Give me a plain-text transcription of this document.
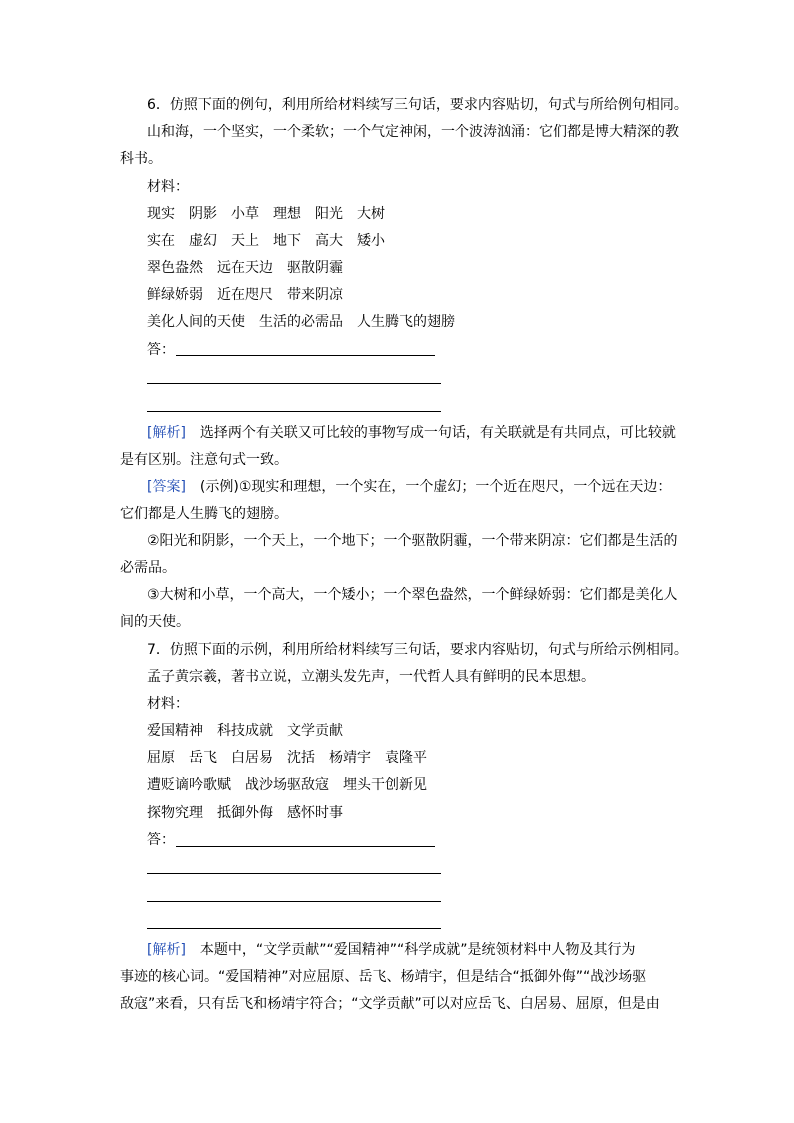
6．仿照下面的例句，利用所给材料续写三句话，要求内容贴切，句式与所给例句相同。
山和海，一个坚实，一个柔软；一个气定神闲，一个波涛汹涌：它们都是博大精深的教
科书。
材料：
现实　阴影　小草　理想　阳光　大树
实在　虚幻　天上　地下　高大　矮小
翠色盎然　远在天边　驱散阴霾
鲜绿娇弱　近在咫尺　带来阴凉
美化人间的天使　生活的必需品　人生腾飞的翅膀
答：
[解析]　选择两个有关联又可比较的事物写成一句话，有关联就是有共同点，可比较就
是有区别。注意句式一致。
[答案]　(示例)①现实和理想，一个实在，一个虚幻；一个近在咫尺，一个远在天边：
它们都是人生腾飞的翅膀。
②阳光和阴影，一个天上，一个地下；一个驱散阴霾，一个带来阴凉：它们都是生活的
必需品。
③大树和小草，一个高大，一个矮小；一个翠色盎然，一个鲜绿娇弱：它们都是美化人
间的天使。
7．仿照下面的示例，利用所给材料续写三句话，要求内容贴切，句式与所给示例相同。
孟子黄宗羲，著书立说，立潮头发先声，一代哲人具有鲜明的民本思想。
材料：
爱国精神　科技成就　文学贡献
屈原　岳飞　白居易　沈括　杨靖宇　袁隆平
遭贬谪吟歌赋　战沙场驱敌寇　埋头干创新见
探物究理　抵御外侮　感怀时事
答：
[解析]　本题中，“文学贡献”“爱国精神”“科学成就”是统领材料中人物及其行为
事迹的核心词。“爱国精神”对应屈原、岳飞、杨靖宇，但是结合“抵御外侮”“战沙场驱
敌寇”来看，只有岳飞和杨靖宇符合；“文学贡献”可以对应岳飞、白居易、屈原，但是由
